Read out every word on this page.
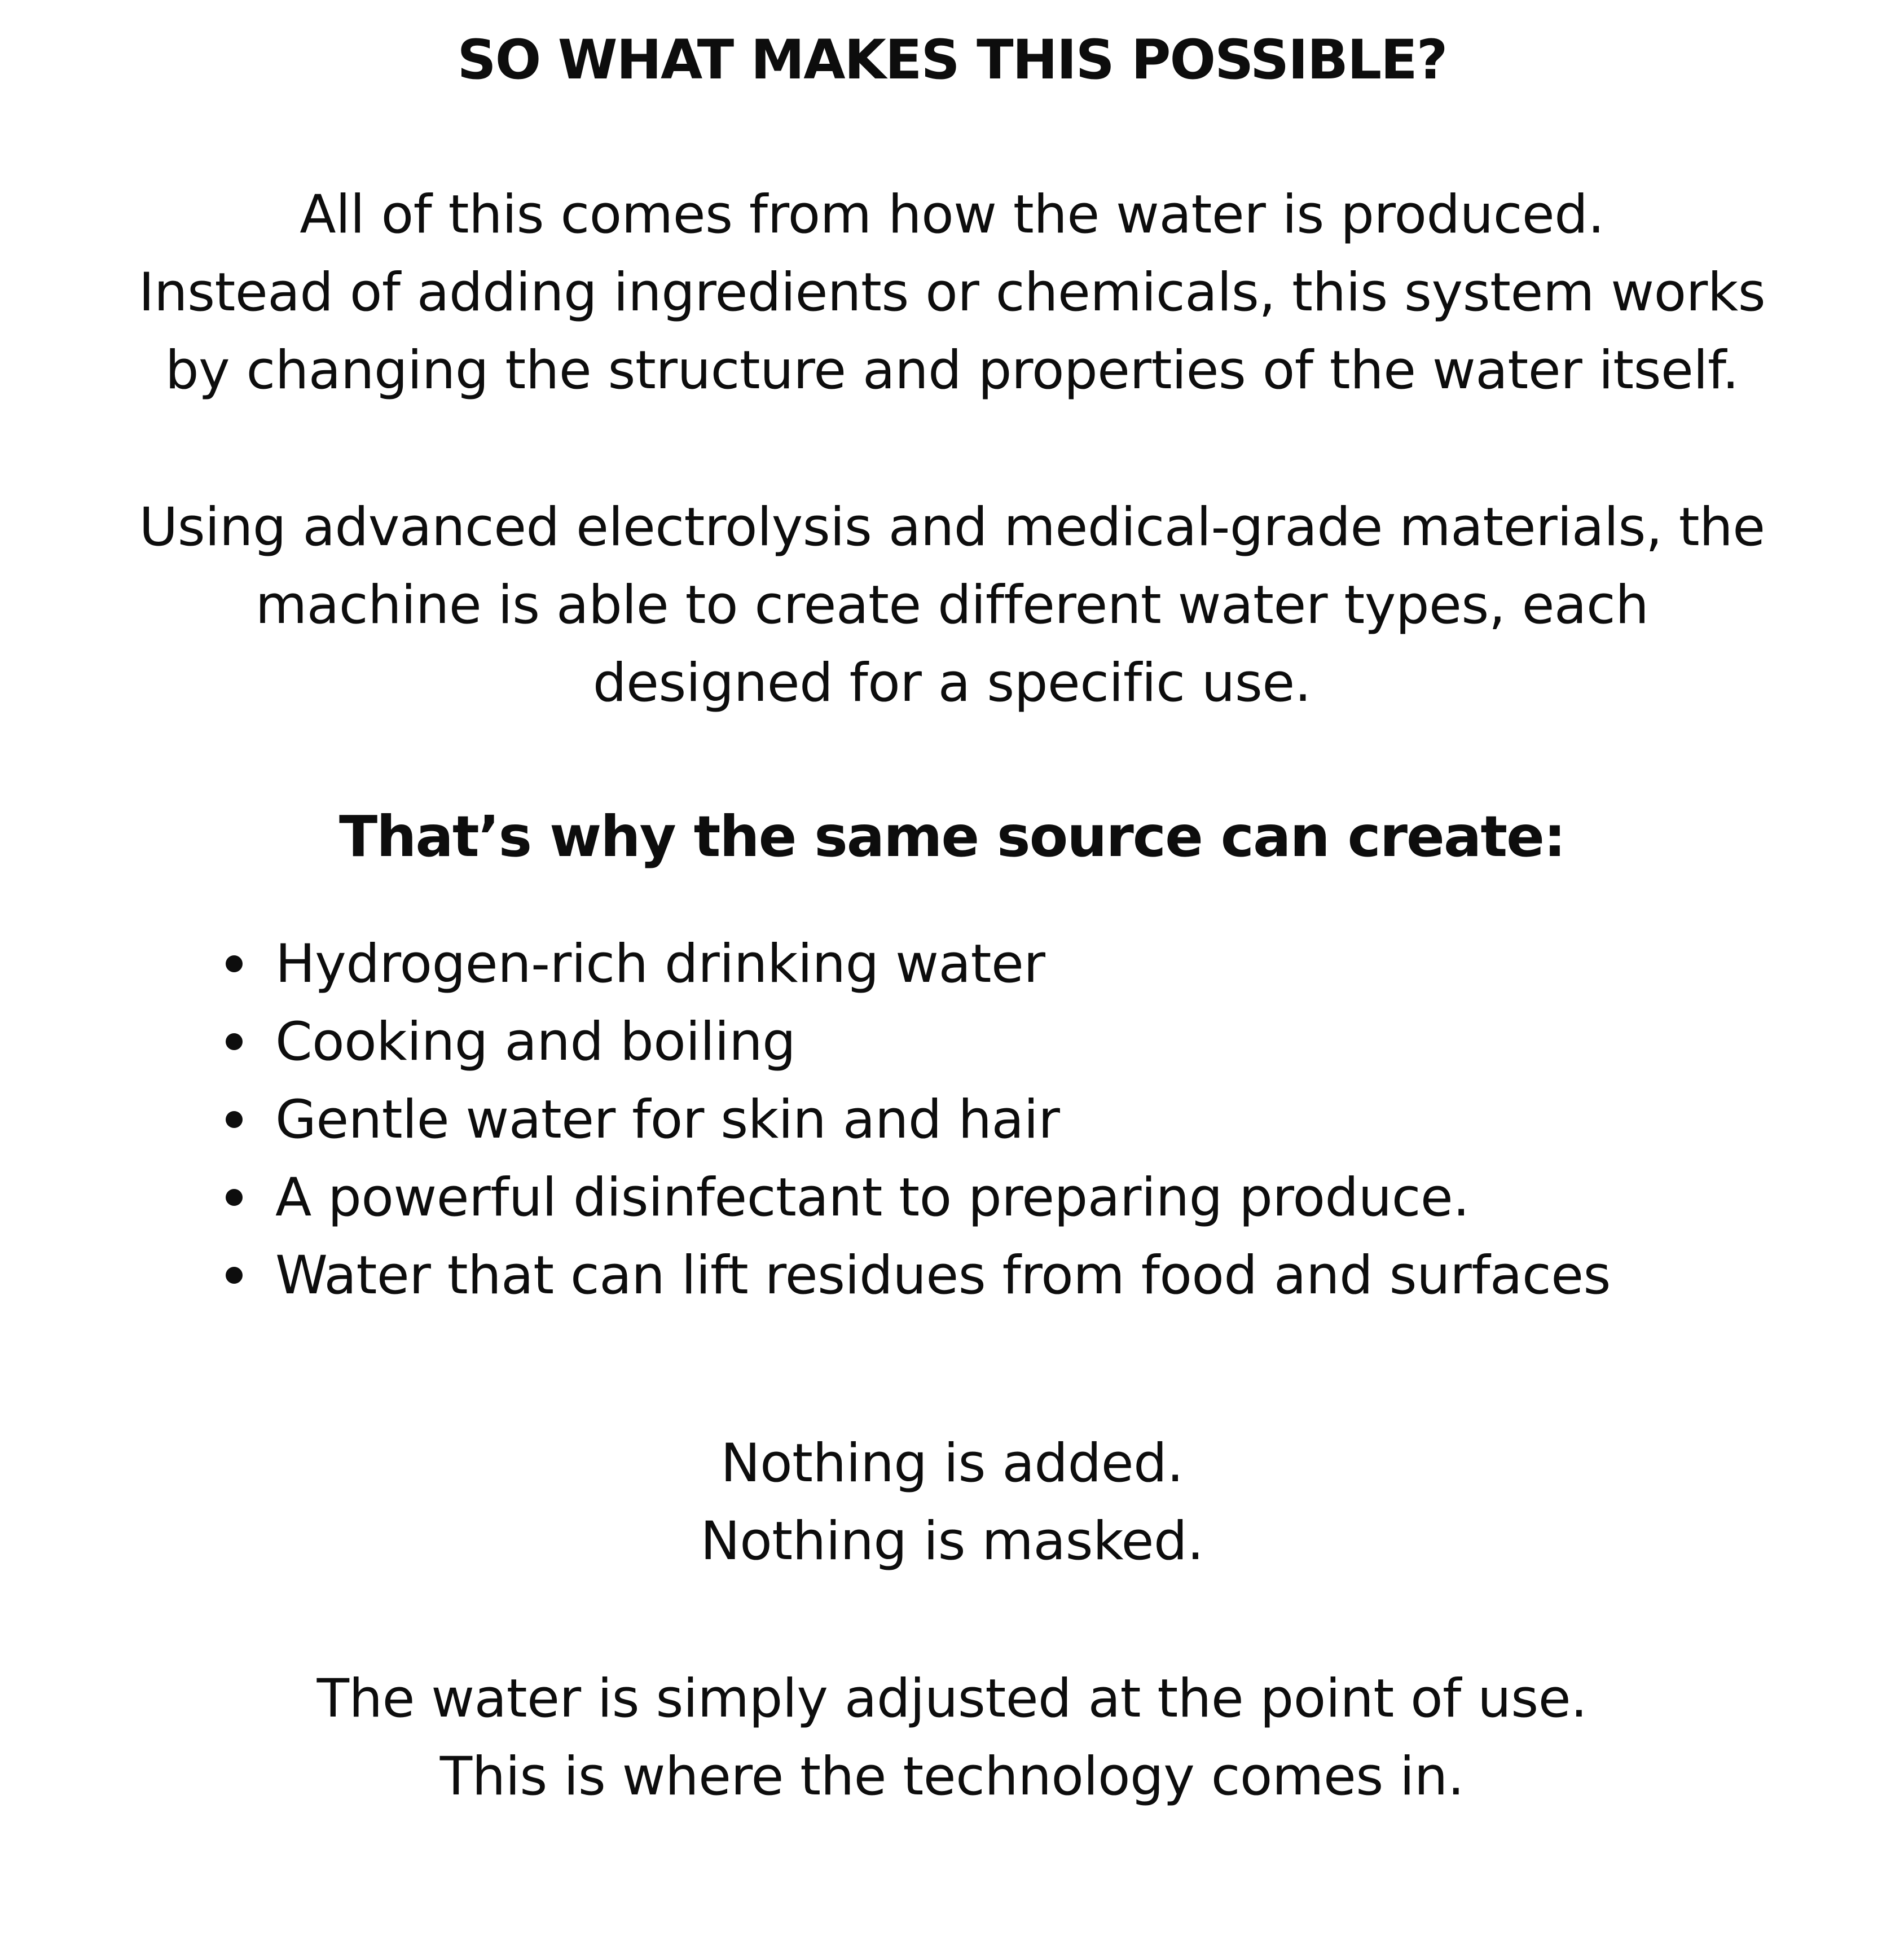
SO WHAT MAKES THIS POSSIBLE?
All of this comes from how the water is produced.
Instead of adding ingredients or chemicals, this system works
by changing the structure and properties of the water itself.
Using advanced electrolysis and medical-grade materials, the
machine is able to create different water types, each
designed for a specific use.
That’s why the same source can create:
Hydrogen-rich drinking water
Cooking and boiling
Gentle water for skin and hair
A powerful disinfectant to preparing produce.
Water that can lift residues from food and surfaces
Nothing is added.
Nothing is masked.
The water is simply adjusted at the point of use.
This is where the technology comes in.
